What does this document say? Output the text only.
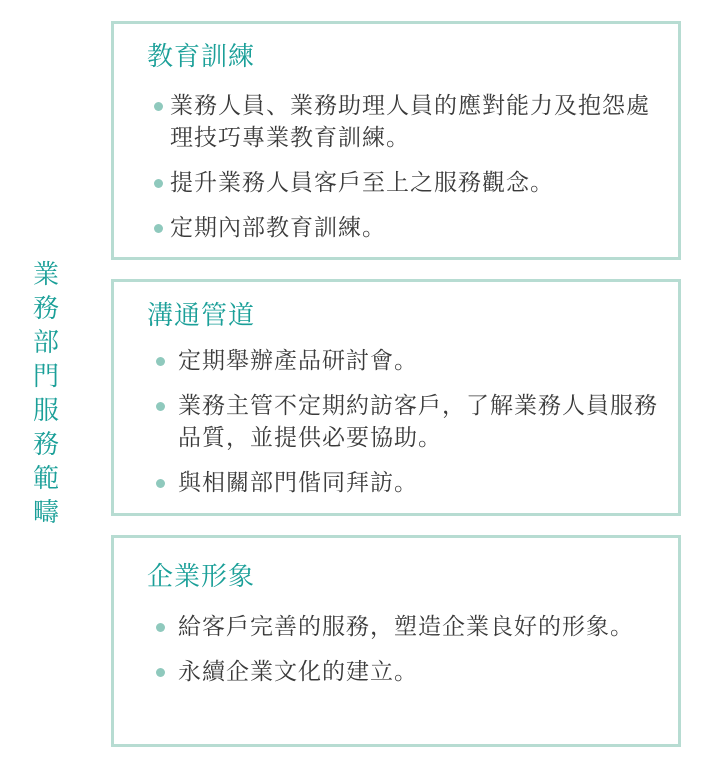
業
務
部
門
服
務
範
疇
教育訓練
業務人員、業務助理人員的應對能力及抱怨處理技巧專業教育訓練。
提升業務人員客戶至上之服務觀念。
定期內部教育訓練。
溝通管道
定期舉辦產品研討會。
業務主管不定期約訪客戶，了解業務人員服務品質，並提供必要協助。
與相關部門偕同拜訪。
企業形象
給客戶完善的服務，塑造企業良好的形象。
永續企業文化的建立。
